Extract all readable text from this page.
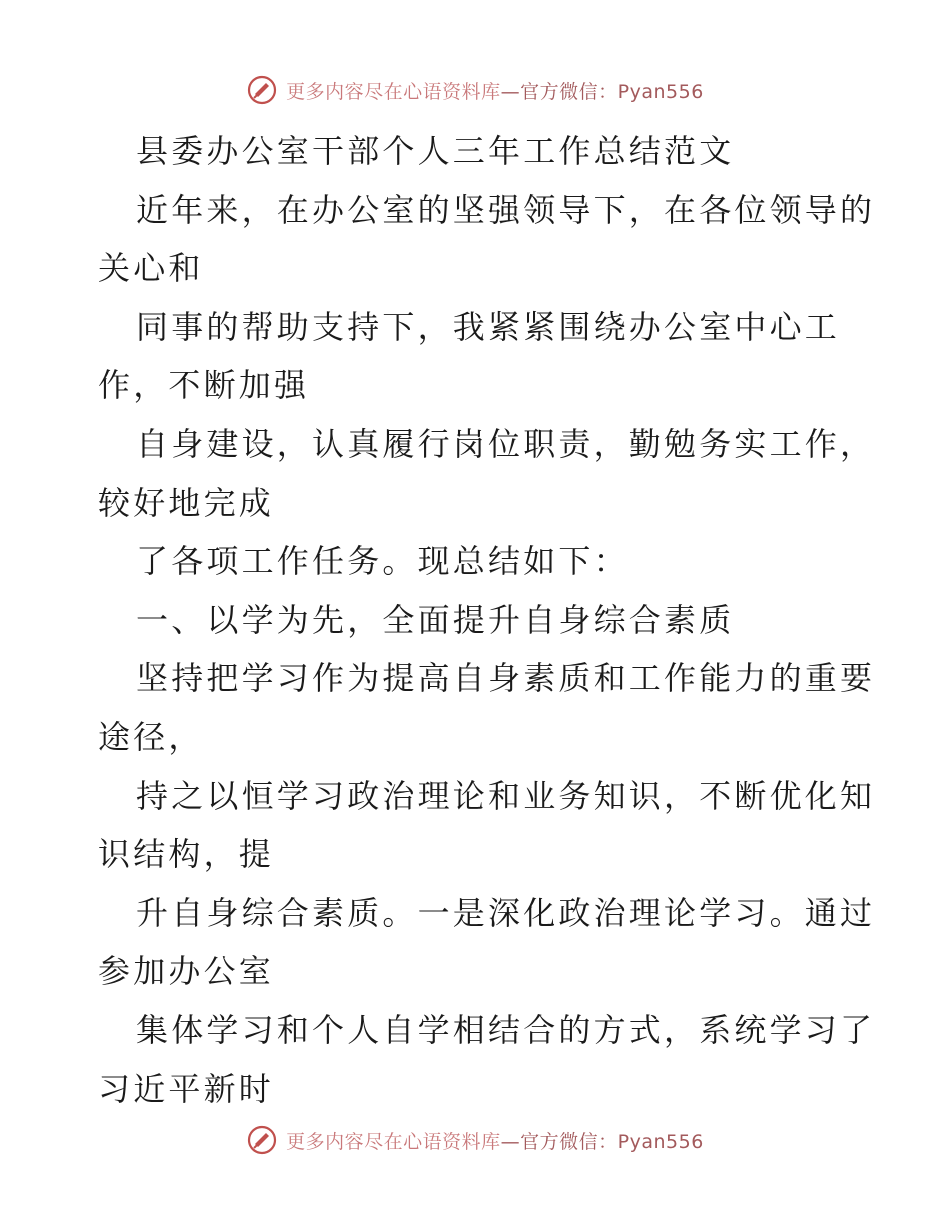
更多内容尽在心语资料库—官方微信：Pyan556
县委办公室干部个人三年工作总结范文
近年来，在办公室的坚强领导下，在各位领导的
关心和
同事的帮助支持下，我紧紧围绕办公室中心工
作，不断加强
自身建设，认真履行岗位职责，勤勉务实工作，
较好地完成
了各项工作任务。现总结如下：
一、以学为先，全面提升自身综合素质
坚持把学习作为提高自身素质和工作能力的重要
途径，
持之以恒学习政治理论和业务知识，不断优化知
识结构，提
升自身综合素质。一是深化政治理论学习。通过
参加办公室
集体学习和个人自学相结合的方式，系统学习了
习近平新时
更多内容尽在心语资料库—官方微信：Pyan556
